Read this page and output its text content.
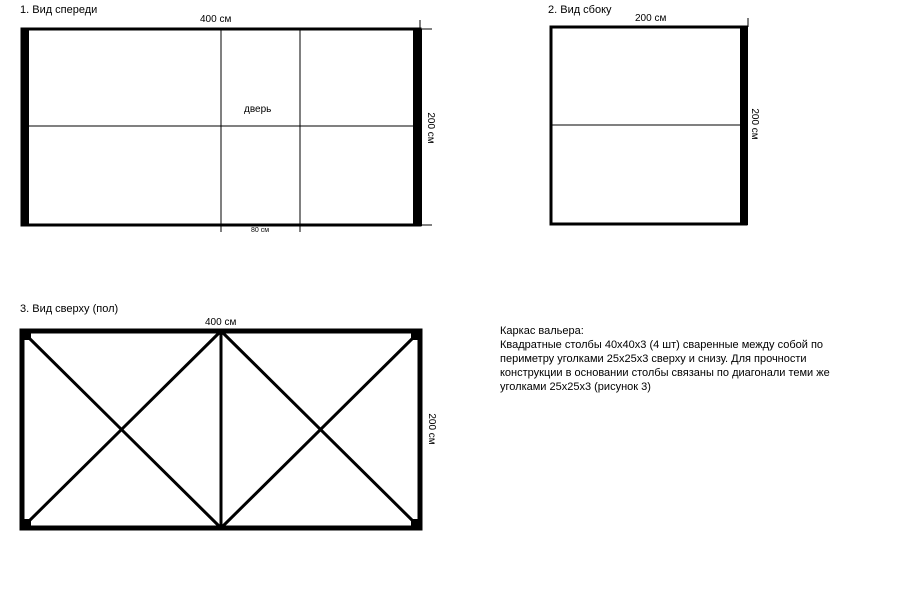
1. Вид спереди
400 см
дверь
80 см
200 см
2. Вид сбоку
200 см
200 см
3. Вид сверху (пол)
400 см
200 см

Каркас вальера:

Квадратные столбы 40х40х3 (4 шт) сваренные между собой по периметру уголками 25х25х3 сверху и снизу. Для прочности конструкции в основании столбы связаны по диагонали теми же уголками 25х25х3 (рисунок 3)
